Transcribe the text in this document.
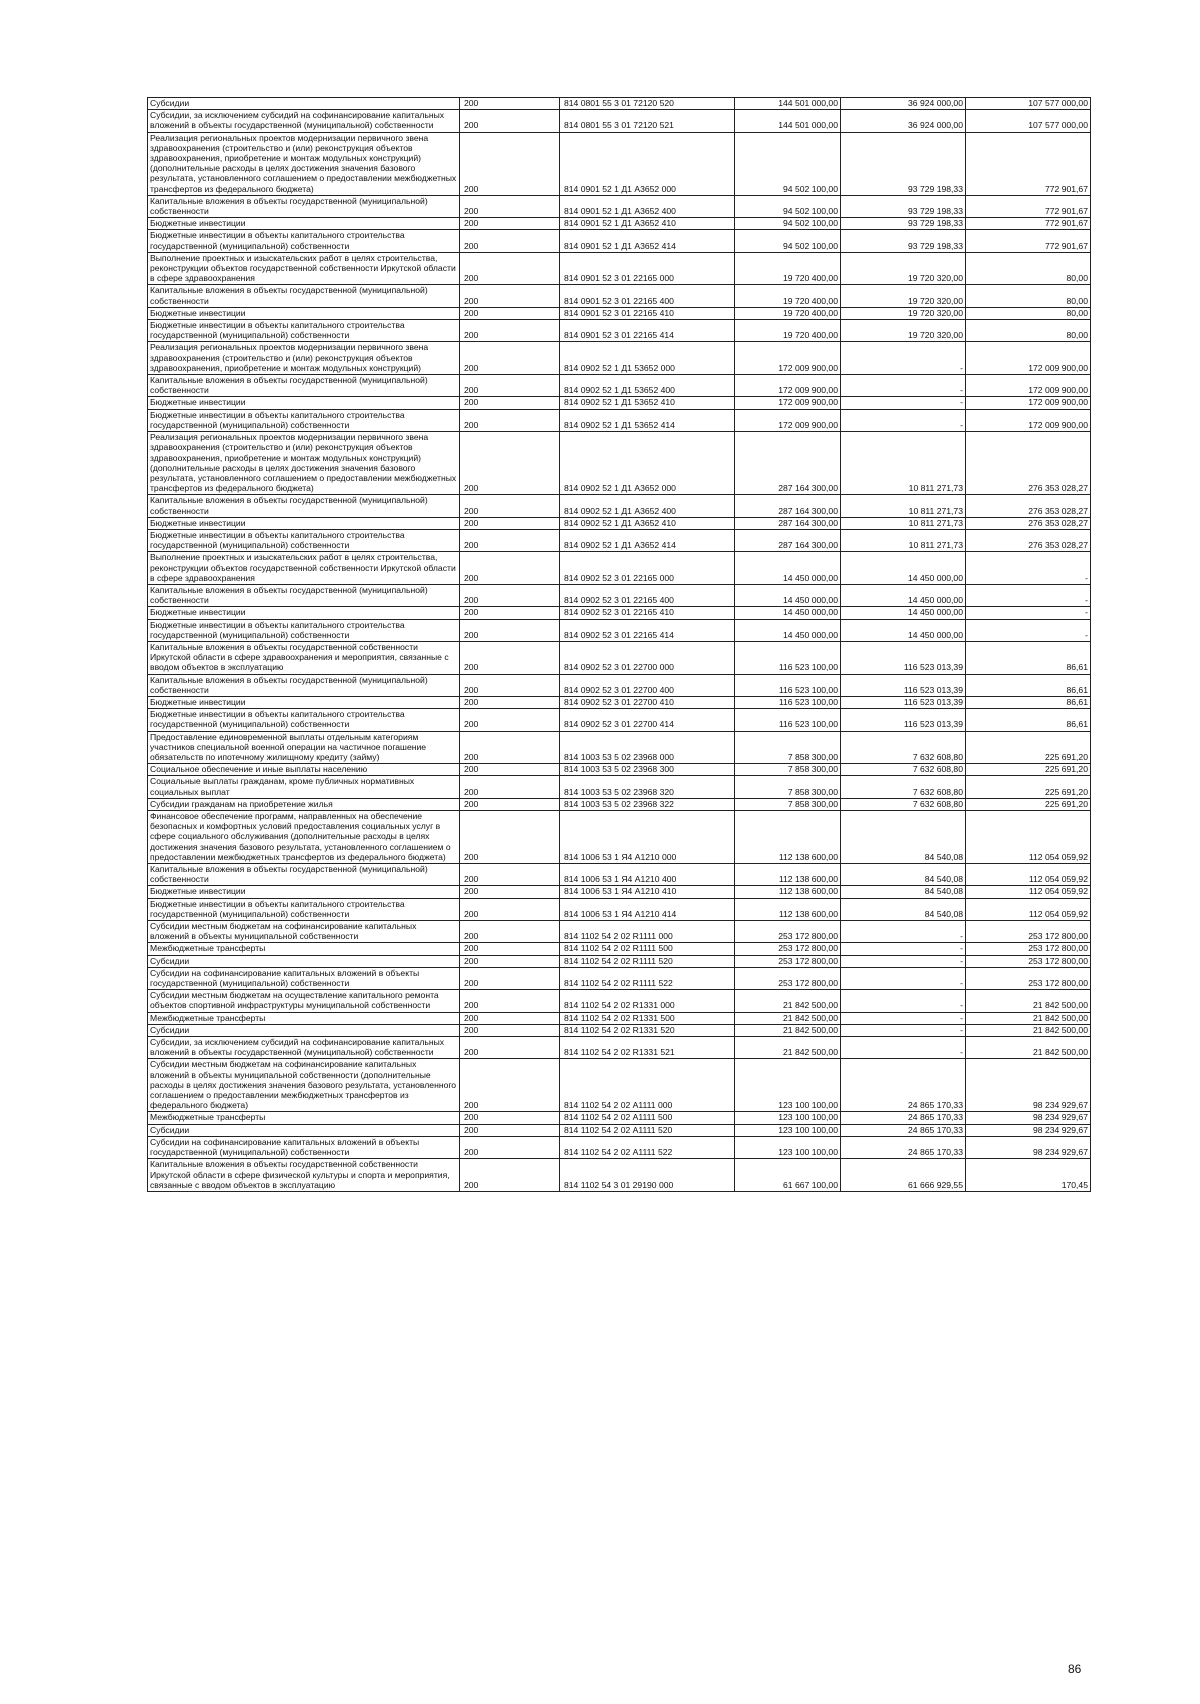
Субсидии	200	814 0801 55 3 01 72120 520	144 501 000,00	36 924 000,00	107 577 000,00
Субсидии, за исключением субсидий на софинансирование капитальных вложений в объекты государственной (муниципальной) собственности	200	814 0801 55 3 01 72120 521	144 501 000,00	36 924 000,00	107 577 000,00
Реализация региональных проектов модернизации первичного звена здравоохранения (строительство и (или) реконструкция объектов здравоохранения, приобретение и монтаж модульных конструкций) (дополнительные расходы в целях достижения значения базового результата, установленного соглашением о предоставлении межбюджетных трансфертов из федерального бюджета)	200	814 0901 52 1 Д1 А3652 000	94 502 100,00	93 729 198,33	772 901,67
Капитальные вложения в объекты государственной (муниципальной) собственности	200	814 0901 52 1 Д1 А3652 400	94 502 100,00	93 729 198,33	772 901,67
Бюджетные инвестиции	200	814 0901 52 1 Д1 А3652 410	94 502 100,00	93 729 198,33	772 901,67
Бюджетные инвестиции в объекты капитального строительства государственной (муниципальной) собственности	200	814 0901 52 1 Д1 А3652 414	94 502 100,00	93 729 198,33	772 901,67
Выполнение проектных и изыскательских работ в целях строительства, реконструкции объектов государственной собственности Иркутской области в сфере здравоохранения	200	814 0901 52 3 01 22165 000	19 720 400,00	19 720 320,00	80,00
Капитальные вложения в объекты государственной (муниципальной) собственности	200	814 0901 52 3 01 22165 400	19 720 400,00	19 720 320,00	80,00
Бюджетные инвестиции	200	814 0901 52 3 01 22165 410	19 720 400,00	19 720 320,00	80,00
Бюджетные инвестиции в объекты капитального строительства государственной (муниципальной) собственности	200	814 0901 52 3 01 22165 414	19 720 400,00	19 720 320,00	80,00
Реализация региональных проектов модернизации первичного звена здравоохранения (строительство и (или) реконструкция объектов здравоохранения, приобретение и монтаж модульных конструкций)	200	814 0902 52 1 Д1 53652 000	172 009 900,00	-	172 009 900,00
Капитальные вложения в объекты государственной (муниципальной) собственности	200	814 0902 52 1 Д1 53652 400	172 009 900,00	-	172 009 900,00
Бюджетные инвестиции	200	814 0902 52 1 Д1 53652 410	172 009 900,00	-	172 009 900,00
Бюджетные инвестиции в объекты капитального строительства государственной (муниципальной) собственности	200	814 0902 52 1 Д1 53652 414	172 009 900,00	-	172 009 900,00
Реализация региональных проектов модернизации первичного звена здравоохранения (строительство и (или) реконструкция объектов здравоохранения, приобретение и монтаж модульных конструкций) (дополнительные расходы в целях достижения значения базового результата, установленного соглашением о предоставлении межбюджетных трансфертов из федерального бюджета)	200	814 0902 52 1 Д1 А3652 000	287 164 300,00	10 811 271,73	276 353 028,27
Капитальные вложения в объекты государственной (муниципальной) собственности	200	814 0902 52 1 Д1 А3652 400	287 164 300,00	10 811 271,73	276 353 028,27
Бюджетные инвестиции	200	814 0902 52 1 Д1 А3652 410	287 164 300,00	10 811 271,73	276 353 028,27
Бюджетные инвестиции в объекты капитального строительства государственной (муниципальной) собственности	200	814 0902 52 1 Д1 А3652 414	287 164 300,00	10 811 271,73	276 353 028,27
Выполнение проектных и изыскательских работ в целях строительства, реконструкции объектов государственной собственности Иркутской области в сфере здравоохранения	200	814 0902 52 3 01 22165 000	14 450 000,00	14 450 000,00	-
Капитальные вложения в объекты государственной (муниципальной) собственности	200	814 0902 52 3 01 22165 400	14 450 000,00	14 450 000,00	-
Бюджетные инвестиции	200	814 0902 52 3 01 22165 410	14 450 000,00	14 450 000,00	-
Бюджетные инвестиции в объекты капитального строительства государственной (муниципальной) собственности	200	814 0902 52 3 01 22165 414	14 450 000,00	14 450 000,00	-
Капитальные вложения в объекты государственной собственности Иркутской области в сфере здравоохранения и мероприятия, связанные с вводом объектов в эксплуатацию	200	814 0902 52 3 01 22700 000	116 523 100,00	116 523 013,39	86,61
Капитальные вложения в объекты государственной (муниципальной) собственности	200	814 0902 52 3 01 22700 400	116 523 100,00	116 523 013,39	86,61
Бюджетные инвестиции	200	814 0902 52 3 01 22700 410	116 523 100,00	116 523 013,39	86,61
Бюджетные инвестиции в объекты капитального строительства государственной (муниципальной) собственности	200	814 0902 52 3 01 22700 414	116 523 100,00	116 523 013,39	86,61
Предоставление единовременной выплаты отдельным категориям участников специальной военной операции на частичное погашение обязательств по ипотечному жилищному кредиту (займу)	200	814 1003 53 5 02 23968 000	7 858 300,00	7 632 608,80	225 691,20
Социальное обеспечение и иные выплаты населению	200	814 1003 53 5 02 23968 300	7 858 300,00	7 632 608,80	225 691,20
Социальные выплаты гражданам, кроме публичных нормативных социальных выплат	200	814 1003 53 5 02 23968 320	7 858 300,00	7 632 608,80	225 691,20
Субсидии гражданам на приобретение жилья	200	814 1003 53 5 02 23968 322	7 858 300,00	7 632 608,80	225 691,20
Финансовое обеспечение программ, направленных на обеспечение безопасных и комфортных условий предоставления социальных услуг в сфере социального обслуживания (дополнительные расходы в целях достижения значения базового результата, установленного соглашением о предоставлении межбюджетных трансфертов из федерального бюджета)	200	814 1006 53 1 Я4 А1210 000	112 138 600,00	84 540,08	112 054 059,92
Капитальные вложения в объекты государственной (муниципальной) собственности	200	814 1006 53 1 Я4 А1210 400	112 138 600,00	84 540,08	112 054 059,92
Бюджетные инвестиции	200	814 1006 53 1 Я4 А1210 410	112 138 600,00	84 540,08	112 054 059,92
Бюджетные инвестиции в объекты капитального строительства государственной (муниципальной) собственности	200	814 1006 53 1 Я4 А1210 414	112 138 600,00	84 540,08	112 054 059,92
Субсидии местным бюджетам на софинансирование капитальных вложений в объекты муниципальной собственности	200	814 1102 54 2 02 R1111 000	253 172 800,00	-	253 172 800,00
Межбюджетные трансферты	200	814 1102 54 2 02 R1111 500	253 172 800,00	-	253 172 800,00
Субсидии	200	814 1102 54 2 02 R1111 520	253 172 800,00	-	253 172 800,00
Субсидии на софинансирование капитальных вложений в объекты государственной (муниципальной) собственности	200	814 1102 54 2 02 R1111 522	253 172 800,00	-	253 172 800,00
Субсидии местным бюджетам на осуществление капитального ремонта объектов спортивной инфраструктуры муниципальной собственности	200	814 1102 54 2 02 R1331 000	21 842 500,00	-	21 842 500,00
Межбюджетные трансферты	200	814 1102 54 2 02 R1331 500	21 842 500,00	-	21 842 500,00
Субсидии	200	814 1102 54 2 02 R1331 520	21 842 500,00	-	21 842 500,00
Субсидии, за исключением субсидий на софинансирование капитальных вложений в объекты государственной (муниципальной) собственности	200	814 1102 54 2 02 R1331 521	21 842 500,00	-	21 842 500,00
Субсидии местным бюджетам на софинансирование капитальных вложений в объекты муниципальной собственности (дополнительные расходы в целях достижения значения базового результата, установленного соглашением о предоставлении межбюджетных трансфертов из федерального бюджета)	200	814 1102 54 2 02 А1111 000	123 100 100,00	24 865 170,33	98 234 929,67
Межбюджетные трансферты	200	814 1102 54 2 02 А1111 500	123 100 100,00	24 865 170,33	98 234 929,67
Субсидии	200	814 1102 54 2 02 А1111 520	123 100 100,00	24 865 170,33	98 234 929,67
Субсидии на софинансирование капитальных вложений в объекты государственной (муниципальной) собственности	200	814 1102 54 2 02 А1111 522	123 100 100,00	24 865 170,33	98 234 929,67
Капитальные вложения в объекты государственной собственности Иркутской области в сфере физической культуры и спорта и мероприятия, связанные с вводом объектов в эксплуатацию	200	814 1102 54 3 01 29190 000	61 667 100,00	61 666 929,55	170,45
86
